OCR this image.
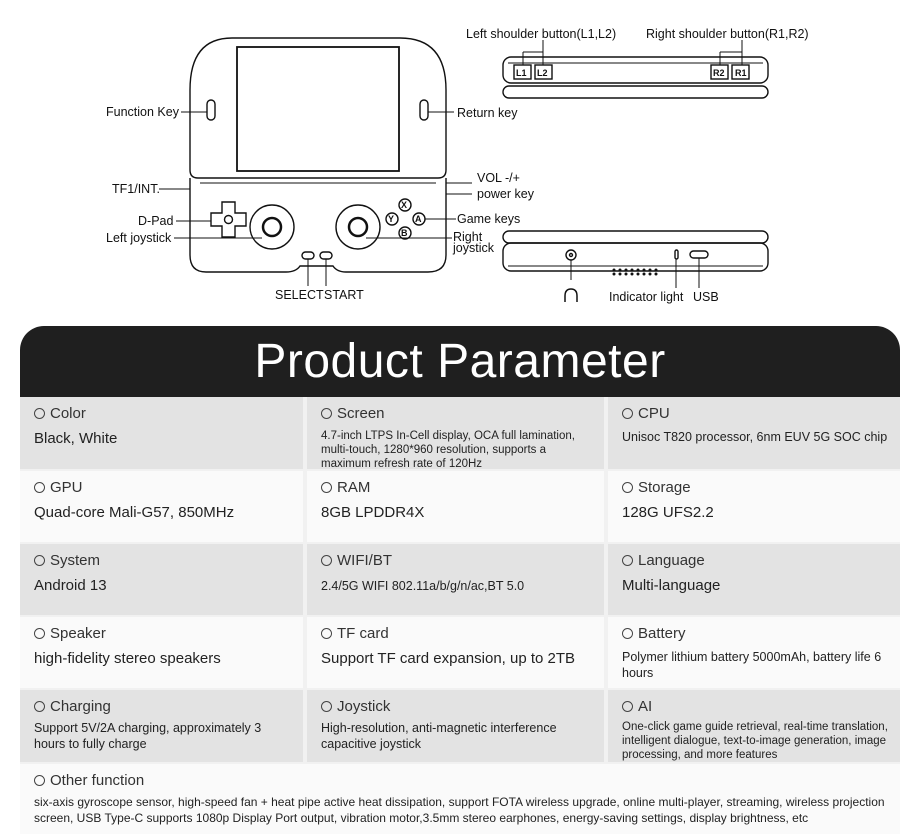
L1 L2	R2 R1
X
Y A
B
Function Key	Return key
TF1/INT.
VOL -/+
power key
D-Pad
Left joystick
Game keys
Right
joystick
SELECT START
Left shoulder button(L1,L2) Right shoulder button(R1,R2)
Indicator light USB
Product Parameter
Color
Black, White
Screen
4.7-inch LTPS In-Cell display, OCA full lamination, multi-touch, 1280*960 resolution, supports a maximum refresh rate of 120Hz
CPU
Unisoc T820 processor, 6nm EUV 5G SOC chip
GPU
Quad-core Mali-G57, 850MHz
RAM
8GB LPDDR4X
Storage
128G UFS2.2
System
Android 13
WIFI/BT
2.4/5G WIFI 802.11a/b/g/n/ac,BT 5.0
Language
Multi-language
Speaker
high-fidelity stereo speakers
TF card
Support TF card expansion, up to 2TB
Battery
Polymer lithium battery 5000mAh, battery life 6 hours
Charging
Support 5V/2A charging, approximately 3 hours to fully charge
Joystick
High-resolution, anti-magnetic interference capacitive joystick
AI
One-click game guide retrieval, real-time translation, intelligent dialogue, text-to-image generation, image processing, and more features
Other function
six-axis gyroscope sensor, high-speed fan + heat pipe active heat dissipation, support FOTA wireless upgrade, online multi-player, streaming, wireless projection screen, USB Type-C supports 1080p Display Port output, vibration motor,3.5mm stereo earphones, energy-saving settings, display brightness, etc
